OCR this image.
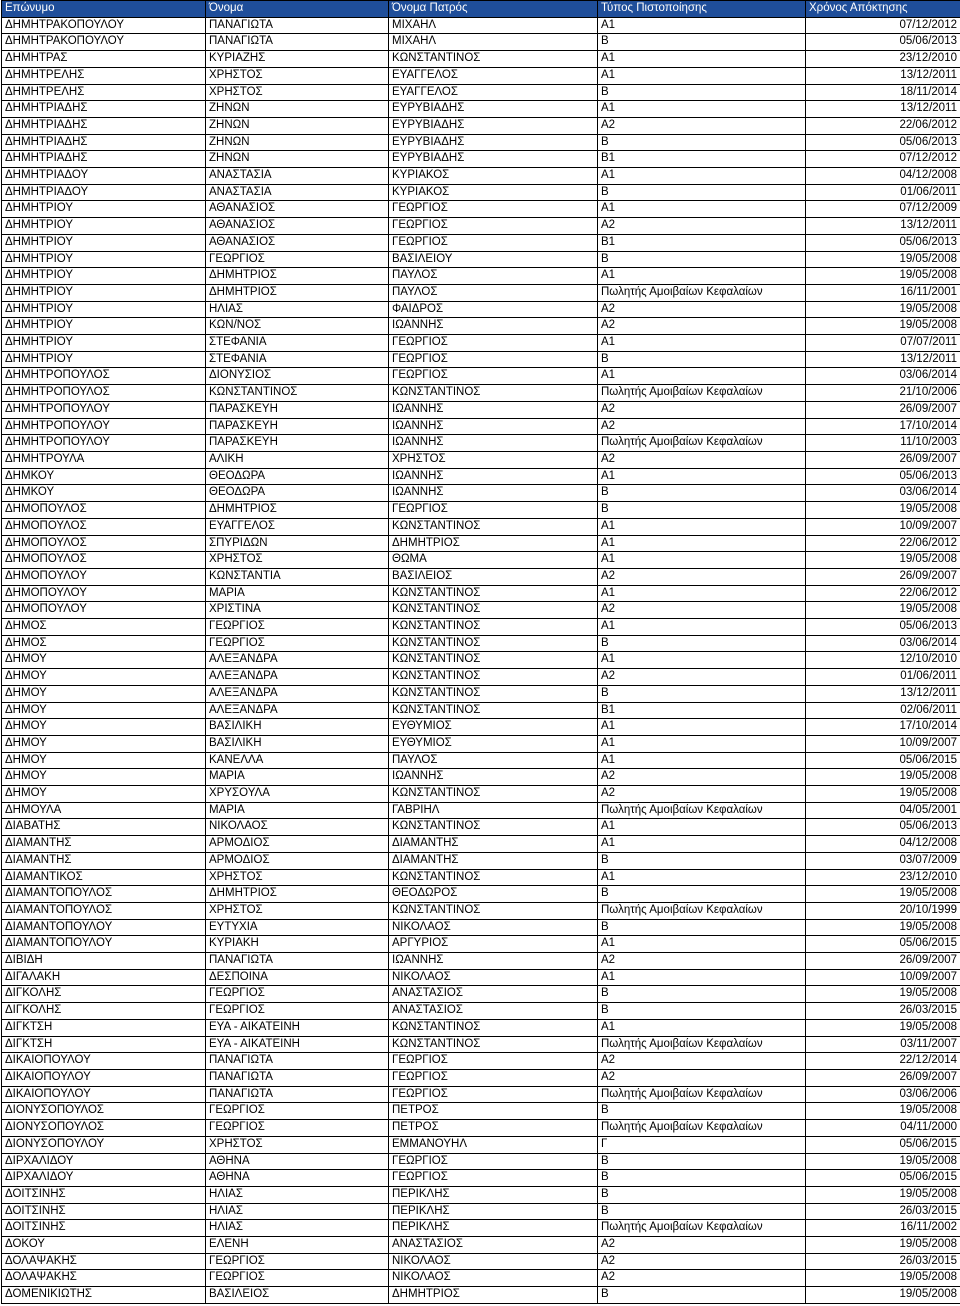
Επώνυμο	Όνομα	Όνομα Πατρός	Τύπος Πιστοποίησης	Χρόνος Απόκτησης
ΔΗΜΗΤΡΑΚΟΠΟΥΛΟΥ	ΠΑΝΑΓΙΩΤΑ	ΜΙΧΑΗΛ	Α1	07/12/2012
ΔΗΜΗΤΡΑΚΟΠΟΥΛΟΥ	ΠΑΝΑΓΙΩΤΑ	ΜΙΧΑΗΛ	Β	05/06/2013
ΔΗΜΗΤΡΑΣ	ΚΥΡΙΑΖΗΣ	ΚΩΝΣΤΑΝΤΙΝΟΣ	Α1	23/12/2010
ΔΗΜΗΤΡΕΛΗΣ	ΧΡΗΣΤΟΣ	ΕΥΑΓΓΕΛΟΣ	Α1	13/12/2011
ΔΗΜΗΤΡΕΛΗΣ	ΧΡΗΣΤΟΣ	ΕΥΑΓΓΕΛΟΣ	Β	18/11/2014
ΔΗΜΗΤΡΙΑΔΗΣ	ΖΗΝΩΝ	ΕΥΡΥΒΙΑΔΗΣ	Α1	13/12/2011
ΔΗΜΗΤΡΙΑΔΗΣ	ΖΗΝΩΝ	ΕΥΡΥΒΙΑΔΗΣ	Α2	22/06/2012
ΔΗΜΗΤΡΙΑΔΗΣ	ΖΗΝΩΝ	ΕΥΡΥΒΙΑΔΗΣ	Β	05/06/2013
ΔΗΜΗΤΡΙΑΔΗΣ	ΖΗΝΩΝ	ΕΥΡΥΒΙΑΔΗΣ	Β1	07/12/2012
ΔΗΜΗΤΡΙΑΔΟΥ	ΑΝΑΣΤΑΣΙΑ	ΚΥΡΙΑΚΟΣ	Α1	04/12/2008
ΔΗΜΗΤΡΙΑΔΟΥ	ΑΝΑΣΤΑΣΙΑ	ΚΥΡΙΑΚΟΣ	Β	01/06/2011
ΔΗΜΗΤΡΙΟΥ	ΑΘΑΝΑΣΙΟΣ	ΓΕΩΡΓΙΟΣ	Α1	07/12/2009
ΔΗΜΗΤΡΙΟΥ	ΑΘΑΝΑΣΙΟΣ	ΓΕΩΡΓΙΟΣ	Α2	13/12/2011
ΔΗΜΗΤΡΙΟΥ	ΑΘΑΝΑΣΙΟΣ	ΓΕΩΡΓΙΟΣ	Β1	05/06/2013
ΔΗΜΗΤΡΙΟΥ	ΓΕΩΡΓΙΟΣ	ΒΑΣΙΛΕΙΟΥ	Β	19/05/2008
ΔΗΜΗΤΡΙΟΥ	ΔΗΜΗΤΡΙΟΣ	ΠΑΥΛΟΣ	Α1	19/05/2008
ΔΗΜΗΤΡΙΟΥ	ΔΗΜΗΤΡΙΟΣ	ΠΑΥΛΟΣ	Πωλητής Αμοιβαίων Κεφαλαίων	16/11/2001
ΔΗΜΗΤΡΙΟΥ	ΗΛΙΑΣ	ΦΑΙΔΡΟΣ	Α2	19/05/2008
ΔΗΜΗΤΡΙΟΥ	ΚΩΝ/ΝΟΣ	ΙΩΑΝΝΗΣ	Α2	19/05/2008
ΔΗΜΗΤΡΙΟΥ	ΣΤΕΦΑΝΙΑ	ΓΕΩΡΓΙΟΣ	Α1	07/07/2011
ΔΗΜΗΤΡΙΟΥ	ΣΤΕΦΑΝΙΑ	ΓΕΩΡΓΙΟΣ	Β	13/12/2011
ΔΗΜΗΤΡΟΠΟΥΛΟΣ	ΔΙΟΝΥΣΙΟΣ	ΓΕΩΡΓΙΟΣ	Α1	03/06/2014
ΔΗΜΗΤΡΟΠΟΥΛΟΣ	ΚΩΝΣΤΑΝΤΙΝΟΣ	ΚΩΝΣΤΑΝΤΙΝΟΣ	Πωλητής Αμοιβαίων Κεφαλαίων	21/10/2006
ΔΗΜΗΤΡΟΠΟΥΛΟΥ	ΠΑΡΑΣΚΕΥΗ	ΙΩΑΝΝΗΣ	Α2	26/09/2007
ΔΗΜΗΤΡΟΠΟΥΛΟΥ	ΠΑΡΑΣΚΕΥΗ	ΙΩΑΝΝΗΣ	Α2	17/10/2014
ΔΗΜΗΤΡΟΠΟΥΛΟΥ	ΠΑΡΑΣΚΕΥΗ	ΙΩΑΝΝΗΣ	Πωλητής Αμοιβαίων Κεφαλαίων	11/10/2003
ΔΗΜΗΤΡΟΥΛΑ	ΑΛΙΚΗ	ΧΡΗΣΤΟΣ	Α2	26/09/2007
ΔΗΜΚΟΥ	ΘΕΟΔΩΡΑ	ΙΩΑΝΝΗΣ	Α1	05/06/2013
ΔΗΜΚΟΥ	ΘΕΟΔΩΡΑ	ΙΩΑΝΝΗΣ	Β	03/06/2014
ΔΗΜΟΠΟΥΛΟΣ	ΔΗΜΗΤΡΙΟΣ	ΓΕΩΡΓΙΟΣ	Β	19/05/2008
ΔΗΜΟΠΟΥΛΟΣ	ΕΥΑΓΓΕΛΟΣ	ΚΩΝΣΤΑΝΤΙΝΟΣ	Α1	10/09/2007
ΔΗΜΟΠΟΥΛΟΣ	ΣΠΥΡΙΔΩΝ	ΔΗΜΗΤΡΙΟΣ	Α1	22/06/2012
ΔΗΜΟΠΟΥΛΟΣ	ΧΡΗΣΤΟΣ	ΘΩΜΑ	Α1	19/05/2008
ΔΗΜΟΠΟΥΛΟΥ	ΚΩΝΣΤΑΝΤΙΑ	ΒΑΣΙΛΕΙΟΣ	Α2	26/09/2007
ΔΗΜΟΠΟΥΛΟΥ	ΜΑΡΙΑ	ΚΩΝΣΤΑΝΤΙΝΟΣ	Α1	22/06/2012
ΔΗΜΟΠΟΥΛΟΥ	ΧΡΙΣΤΙΝΑ	ΚΩΝΣΤΑΝΤΙΝΟΣ	Α2	19/05/2008
ΔΗΜΟΣ	ΓΕΩΡΓΙΟΣ	ΚΩΝΣΤΑΝΤΙΝΟΣ	Α1	05/06/2013
ΔΗΜΟΣ	ΓΕΩΡΓΙΟΣ	ΚΩΝΣΤΑΝΤΙΝΟΣ	Β	03/06/2014
ΔΗΜΟΥ	ΑΛΕΞΑΝΔΡΑ	ΚΩΝΣΤΑΝΤΙΝΟΣ	Α1	12/10/2010
ΔΗΜΟΥ	ΑΛΕΞΑΝΔΡΑ	ΚΩΝΣΤΑΝΤΙΝΟΣ	Α2	01/06/2011
ΔΗΜΟΥ	ΑΛΕΞΑΝΔΡΑ	ΚΩΝΣΤΑΝΤΙΝΟΣ	Β	13/12/2011
ΔΗΜΟΥ	ΑΛΕΞΑΝΔΡΑ	ΚΩΝΣΤΑΝΤΙΝΟΣ	Β1	02/06/2011
ΔΗΜΟΥ	ΒΑΣΙΛΙΚΗ	ΕΥΘΥΜΙΟΣ	Α1	17/10/2014
ΔΗΜΟΥ	ΒΑΣΙΛΙΚΗ	ΕΥΘΥΜΙΟΣ	Α1	10/09/2007
ΔΗΜΟΥ	ΚΑΝΕΛΛΑ	ΠΑΥΛΟΣ	Α1	05/06/2015
ΔΗΜΟΥ	ΜΑΡΙΑ	ΙΩΑΝΝΗΣ	Α2	19/05/2008
ΔΗΜΟΥ	ΧΡΥΣΟΥΛΑ	ΚΩΝΣΤΑΝΤΙΝΟΣ	Α2	19/05/2008
ΔΗΜΟΥΛΑ	ΜΑΡΙΑ	ΓΑΒΡΙΗΛ	Πωλητής Αμοιβαίων Κεφαλαίων	04/05/2001
ΔΙΑΒΑΤΗΣ	ΝΙΚΟΛΑΟΣ	ΚΩΝΣΤΑΝΤΙΝΟΣ	Α1	05/06/2013
ΔΙΑΜΑΝΤΗΣ	ΑΡΜΟΔΙΟΣ	ΔΙΑΜΑΝΤΗΣ	Α1	04/12/2008
ΔΙΑΜΑΝΤΗΣ	ΑΡΜΟΔΙΟΣ	ΔΙΑΜΑΝΤΗΣ	Β	03/07/2009
ΔΙΑΜΑΝΤΙΚΟΣ	ΧΡΗΣΤΟΣ	ΚΩΝΣΤΑΝΤΙΝΟΣ	Α1	23/12/2010
ΔΙΑΜΑΝΤΟΠΟΥΛΟΣ	ΔΗΜΗΤΡΙΟΣ	ΘΕΟΔΩΡΟΣ	Β	19/05/2008
ΔΙΑΜΑΝΤΟΠΟΥΛΟΣ	ΧΡΗΣΤΟΣ	ΚΩΝΣΤΑΝΤΙΝΟΣ	Πωλητής Αμοιβαίων Κεφαλαίων	20/10/1999
ΔΙΑΜΑΝΤΟΠΟΥΛΟΥ	ΕΥΤΥΧΙΑ	ΝΙΚΟΛΑΟΣ	Β	19/05/2008
ΔΙΑΜΑΝΤΟΠΟΥΛΟΥ	ΚΥΡΙΑΚΗ	ΑΡΓΥΡΙΟΣ	Α1	05/06/2015
ΔΙΒΙΔΗ	ΠΑΝΑΓΙΩΤΑ	ΙΩΑΝΝΗΣ	Α2	26/09/2007
ΔΙΓΑΛΑΚΗ	ΔΕΣΠΟΙΝΑ	ΝΙΚΟΛΑΟΣ	Α1	10/09/2007
ΔΙΓΚΟΛΗΣ	ΓΕΩΡΓΙΟΣ	ΑΝΑΣΤΑΣΙΟΣ	Β	19/05/2008
ΔΙΓΚΟΛΗΣ	ΓΕΩΡΓΙΟΣ	ΑΝΑΣΤΑΣΙΟΣ	Β	26/03/2015
ΔΙΓΚΤΣΗ	ΕΥΑ - ΑΙΚΑΤΕΙΝΗ	ΚΩΝΣΤΑΝΤΙΝΟΣ	Α1	19/05/2008
ΔΙΓΚΤΣΗ	ΕΥΑ - ΑΙΚΑΤΕΙΝΗ	ΚΩΝΣΤΑΝΤΙΝΟΣ	Πωλητής Αμοιβαίων Κεφαλαίων	03/11/2007
ΔΙΚΑΙΟΠΟΥΛΟΥ	ΠΑΝΑΓΙΩΤΑ	ΓΕΩΡΓΙΟΣ	Α2	22/12/2014
ΔΙΚΑΙΟΠΟΥΛΟΥ	ΠΑΝΑΓΙΩΤΑ	ΓΕΩΡΓΙΟΣ	Α2	26/09/2007
ΔΙΚΑΙΟΠΟΥΛΟΥ	ΠΑΝΑΓΙΩΤΑ	ΓΕΩΡΓΙΟΣ	Πωλητής Αμοιβαίων Κεφαλαίων	03/06/2006
ΔΙΟΝΥΣΟΠΟΥΛΟΣ	ΓΕΩΡΓΙΟΣ	ΠΕΤΡΟΣ	Β	19/05/2008
ΔΙΟΝΥΣΟΠΟΥΛΟΣ	ΓΕΩΡΓΙΟΣ	ΠΕΤΡΟΣ	Πωλητής Αμοιβαίων Κεφαλαίων	04/11/2000
ΔΙΟΝΥΣΟΠΟΥΛΟΥ	ΧΡΗΣΤΟΣ	ΕΜΜΑΝΟΥΗΛ	Γ	05/06/2015
ΔΙΡΧΑΛΙΔΟΥ	ΑΘΗΝΑ	ΓΕΩΡΓΙΟΣ	Β	19/05/2008
ΔΙΡΧΑΛΙΔΟΥ	ΑΘΗΝΑ	ΓΕΩΡΓΙΟΣ	Β	05/06/2015
ΔΟΙΤΣΙΝΗΣ	ΗΛΙΑΣ	ΠΕΡΙΚΛΗΣ	Β	19/05/2008
ΔΟΙΤΣΙΝΗΣ	ΗΛΙΑΣ	ΠΕΡΙΚΛΗΣ	Β	26/03/2015
ΔΟΙΤΣΙΝΗΣ	ΗΛΙΑΣ	ΠΕΡΙΚΛΗΣ	Πωλητής Αμοιβαίων Κεφαλαίων	16/11/2002
ΔΟΚΟΥ	ΕΛΕΝΗ	ΑΝΑΣΤΑΣΙΟΣ	Α2	19/05/2008
ΔΟΛΑΨΑΚΗΣ	ΓΕΩΡΓΙΟΣ	ΝΙΚΟΛΑΟΣ	Α2	26/03/2015
ΔΟΛΑΨΑΚΗΣ	ΓΕΩΡΓΙΟΣ	ΝΙΚΟΛΑΟΣ	Α2	19/05/2008
ΔΟΜΕΝΙΚΙΩΤΗΣ	ΒΑΣΙΛΕΙΟΣ	ΔΗΜΗΤΡΙΟΣ	Β	19/05/2008
